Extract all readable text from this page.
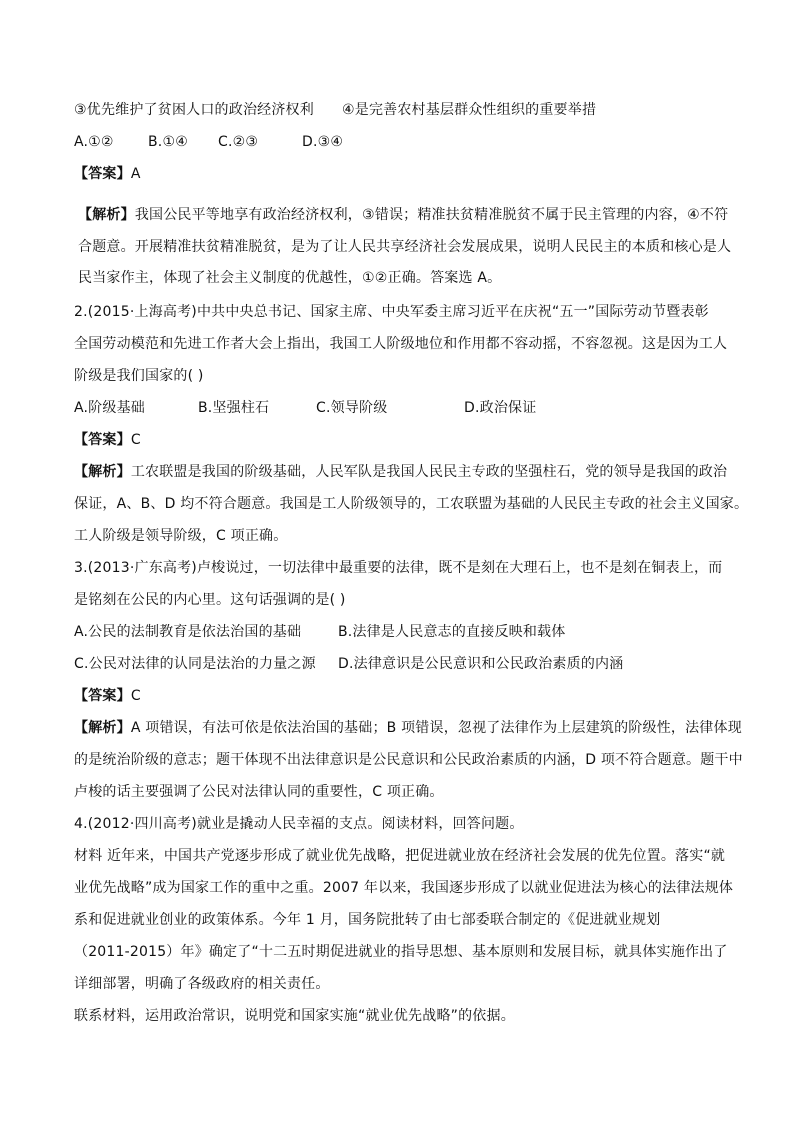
③优先维护了贫困人口的政治经济权利 ④是完善农村基层群众性组织的重要举措
A.①② B.①④ C.②③	D.③④
【答案】A
【解析】我国公民平等地享有政治经济权利，③错误；精准扶贫精准脱贫不属于民主管理的内容，④不符
合题意。开展精准扶贫精准脱贫，是为了让人民共享经济社会发展成果，说明人民民主的本质和核心是人
民当家作主，体现了社会主义制度的优越性，①②正确。答案选 A。
2.(2015·上海高考)中共中央总书记、国家主席、中央军委主席习近平在庆祝“五一”国际劳动节暨表彰
全国劳动模范和先进工作者大会上指出，我国工人阶级地位和作用都不容动摇，不容忽视。这是因为工人
阶级是我们国家的( )
A.阶级基础	B.坚强柱石	C.领导阶级	D.政治保证
【答案】C
【解析】工农联盟是我国的阶级基础，人民军队是我国人民民主专政的坚强柱石，党的领导是我国的政治
保证，A、B、D 均不符合题意。我国是工人阶级领导的，工农联盟为基础的人民民主专政的社会主义国家。
工人阶级是领导阶级，C 项正确。
3.(2013·广东高考)卢梭说过，一切法律中最重要的法律，既不是刻在大理石上，也不是刻在铜表上，而
是铭刻在公民的内心里。这句话强调的是( )
A.公民的法制教育是依法治国的基础	B.法律是人民意志的直接反映和载体
C.公民对法律的认同是法治的力量之源 D.法律意识是公民意识和公民政治素质的内涵
【答案】C
【解析】A 项错误，有法可依是依法治国的基础；B 项错误，忽视了法律作为上层建筑的阶级性，法律体现
的是统治阶级的意志；题干体现不出法律意识是公民意识和公民政治素质的内涵，D 项不符合题意。题干中
卢梭的话主要强调了公民对法律认同的重要性，C 项正确。
4.(2012·四川高考)就业是撬动人民幸福的支点。阅读材料，回答问题。
材料 近年来，中国共产党逐步形成了就业优先战略，把促进就业放在经济社会发展的优先位置。落实“就
业优先战略”成为国家工作的重中之重。2007 年以来，我国逐步形成了以就业促进法为核心的法律法规体
系和促进就业创业的政策体系。今年 1 月，国务院批转了由七部委联合制定的《促进就业规划
（2011-2015）年》确定了“十二五时期促进就业的指导思想、基本原则和发展目标，就具体实施作出了
详细部署，明确了各级政府的相关责任。
联系材料，运用政治常识，说明党和国家实施“就业优先战略”的依据。
